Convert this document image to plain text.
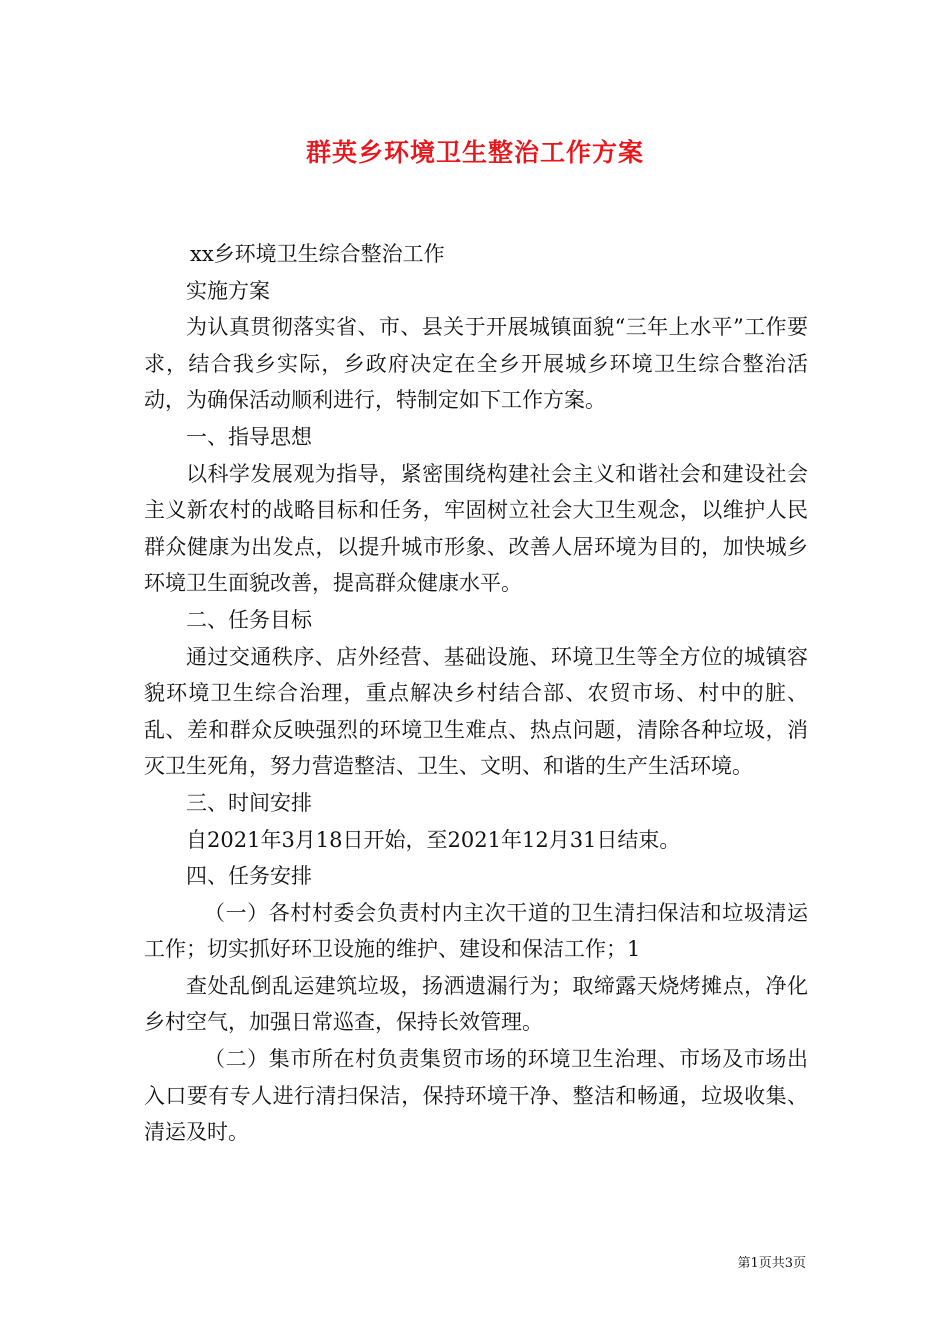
群英乡环境卫生整治工作方案

xx乡环境卫生综合整治工作

实施方案

为认真贯彻落实省、市、县关于开展城镇面貌“三年上水平”工作要求，结合我乡实际，乡政府决定在全乡开展城乡环境卫生综合整治活动，为确保活动顺利进行，特制定如下工作方案。

一、指导思想

以科学发展观为指导，紧密围绕构建社会主义和谐社会和建设社会主义新农村的战略目标和任务，牢固树立社会大卫生观念，以维护人民群众健康为出发点，以提升城市形象、改善人居环境为目的，加快城乡环境卫生面貌改善，提高群众健康水平。

二、任务目标

通过交通秩序、店外经营、基础设施、环境卫生等全方位的城镇容貌环境卫生综合治理，重点解决乡村结合部、农贸市场、村中的脏、乱、差和群众反映强烈的环境卫生难点、热点问题，清除各种垃圾，消灭卫生死角，努力营造整洁、卫生、文明、和谐的生产生活环境。

三、时间安排

自2021年3月18日开始，至2021年12月31日结束。

四、任务安排

（一）各村村委会负责村内主次干道的卫生清扫保洁和垃圾清运工作；切实抓好环卫设施的维护、建设和保洁工作；1

查处乱倒乱运建筑垃圾，扬洒遗漏行为；取缔露天烧烤摊点，净化乡村空气，加强日常巡查，保持长效管理。

（二）集市所在村负责集贸市场的环境卫生治理、市场及市场出入口要有专人进行清扫保洁，保持环境干净、整洁和畅通，垃圾收集、清运及时。

第1页共3页
